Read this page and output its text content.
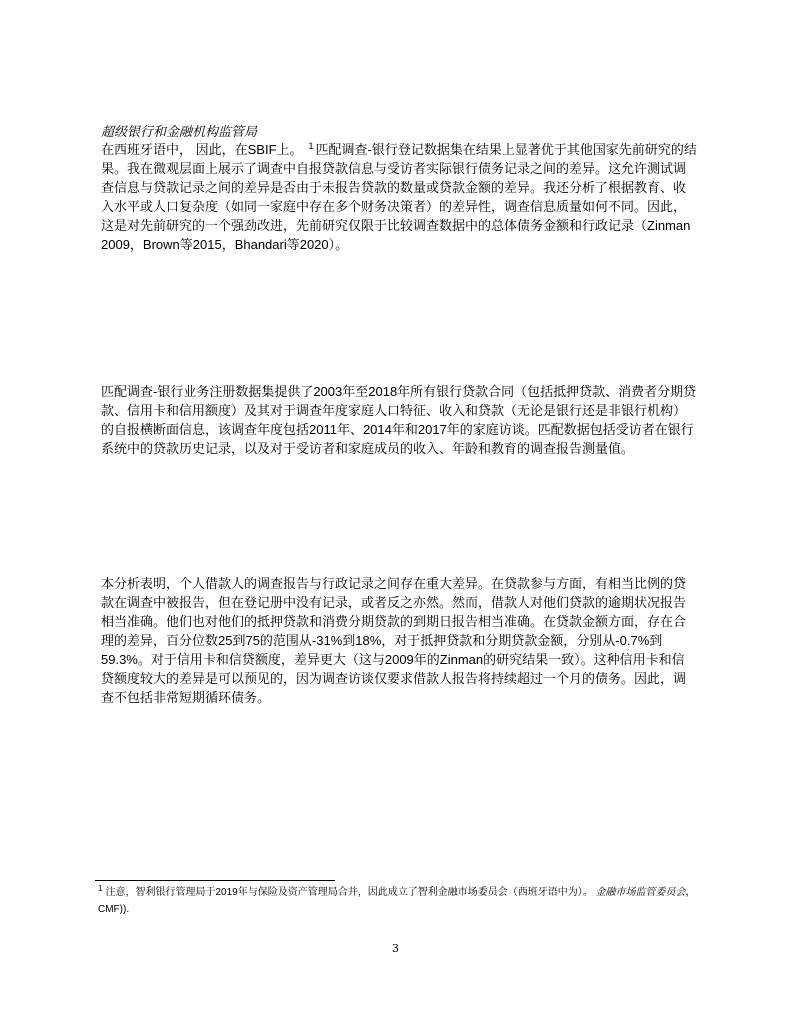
超级银行和金融机构监管局

在西班牙语中， 因此，在SBIF上。 $^1$ 匹配调查-银行登记数据集在结果上显著优于其他国家先前研究的结果。我在微观层面上展示了调查中自报贷款信息与受访者实际银行债务记录之间的差异。这允许测试调查信息与贷款记录之间的差异是否由于未报告贷款的数量或贷款金额的差异。我还分析了根据教育、收入水平或人口复杂度（如同一家庭中存在多个财务决策者）的差异性，调查信息质量如何不同。因此，这是对先前研究的一个强劲改进，先前研究仅限于比较调查数据中的总体债务金额和行政记录（Zinman 2009，Brown等2015，Bhandari等2020）。

匹配调查-银行业务注册数据集提供了2003年至2018年所有银行贷款合同（包括抵押贷款、消费者分期贷款、信用卡和信用额度）及其对于调查年度家庭人口特征、收入和贷款（无论是银行还是非银行机构）的自报横断面信息，该调查年度包括2011年、2014年和2017年的家庭访谈。匹配数据包括受访者在银行系统中的贷款历史记录，以及对于受访者和家庭成员的收入、年龄和教育的调查报告测量值。

本分析表明，个人借款人的调查报告与行政记录之间存在重大差异。在贷款参与方面，有相当比例的贷款在调查中被报告，但在登记册中没有记录，或者反之亦然。然而，借款人对他们贷款的逾期状况报告相当准确。他们也对他们的抵押贷款和消费分期贷款的到期日报告相当准确。在贷款金额方面，存在合理的差异，百分位数25到75的范围从-31%到18%，对于抵押贷款和分期贷款金额，分别从-0.7%到59.3%。对于信用卡和信贷额度，差异更大（这与2009年的Zinman的研究结果一致）。这种信用卡和信贷额度较大的差异是可以预见的，因为调查访谈仅要求借款人报告将持续超过一个月的债务。因此，调查不包括非常短期循环债务。

$^1$ 注意，智利银行管理局于2019年与保险及资产管理局合并，因此成立了智利金融市场委员会（西班牙语中为）。 金融市场监管委员会，CMF)).

3
